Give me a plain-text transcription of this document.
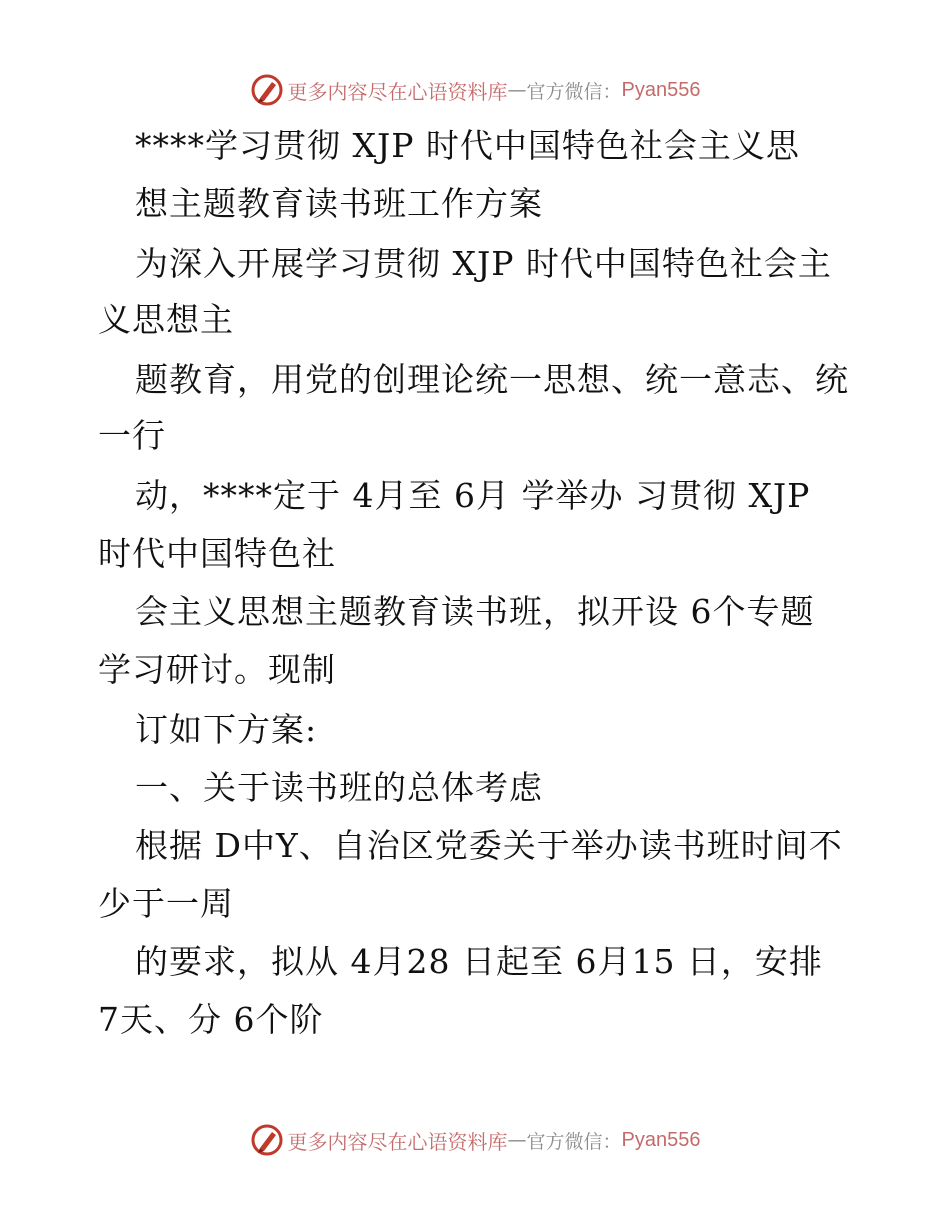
更多内容尽在心语资料库 — 官方微信： Pyan556
****学习贯彻 XJP 时代中国特色社会主义思
想主题教育读书班工作方案
为深入开展学习贯彻 XJP 时代中国特色社会主
义思想主
题教育，用党的创理论统一思想、统一意志、统
一行
动，****定于 4月至 6月 学举办 习贯彻 XJP
时代中国特色社
会主义思想主题教育读书班，拟开设 6个专题
学习研讨。现制
订如下方案:
一、关于读书班的总体考虑
根据 D中Y、自治区党委关于举办读书班时间不
少于一周
的要求，拟从 4月28 日起至 6月15 日，安排
7天、分 6个阶
更多内容尽在心语资料库 — 官方微信： Pyan556
